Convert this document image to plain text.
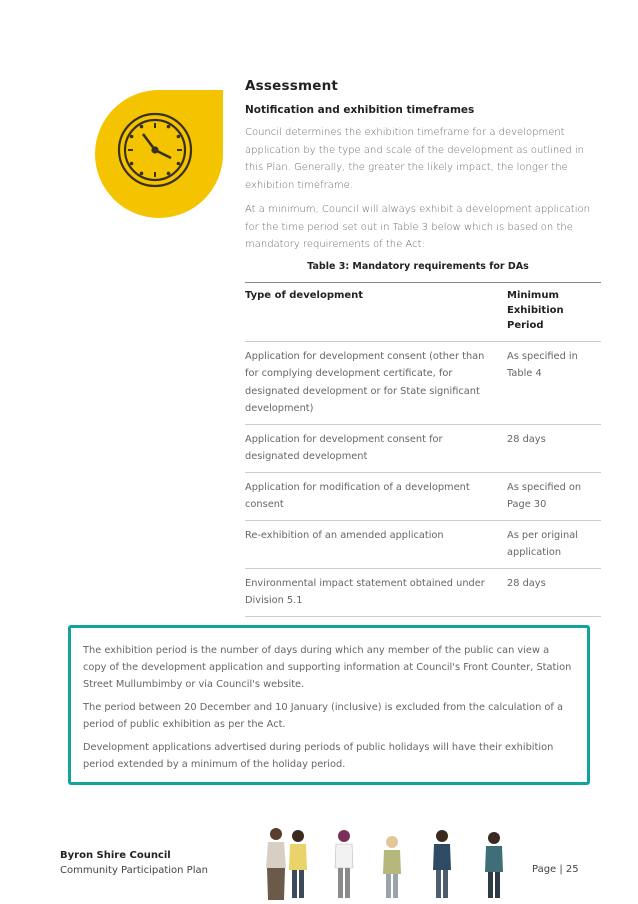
Assessment
Notification and exhibition timeframes

Council determines the exhibition timeframe for a development application by the type and scale of the development as outlined in this Plan. Generally, the greater the likely impact, the longer the exhibition timeframe.

At a minimum, Council will always exhibit a development application for the time period set out in Table 3 below which is based on the mandatory requirements of the Act:

Table 3: Mandatory requirements for DAs
Type of development	Minimum Exhibition Period
Application for development consent (other than for complying development certificate, for designated development or for State significant development)	As specified in Table 4
Application for development consent for designated development	28 days
Application for modification of a development consent	As specified on Page 30
Re-exhibition of an amended application	As per original application
Environmental impact statement obtained under Division 5.1	28 days

The exhibition period is the number of days during which any member of the public can view a copy of the development application and supporting information at Council's Front Counter, Station Street Mullumbimby or via Council's website.

The period between 20 December and 10 January (inclusive) is excluded from the calculation of a period of public exhibition as per the Act.

Development applications advertised during periods of public holidays will have their exhibition period extended by a minimum of the holiday period.

Byron Shire Council
Community Participation Plan	Page | 25
